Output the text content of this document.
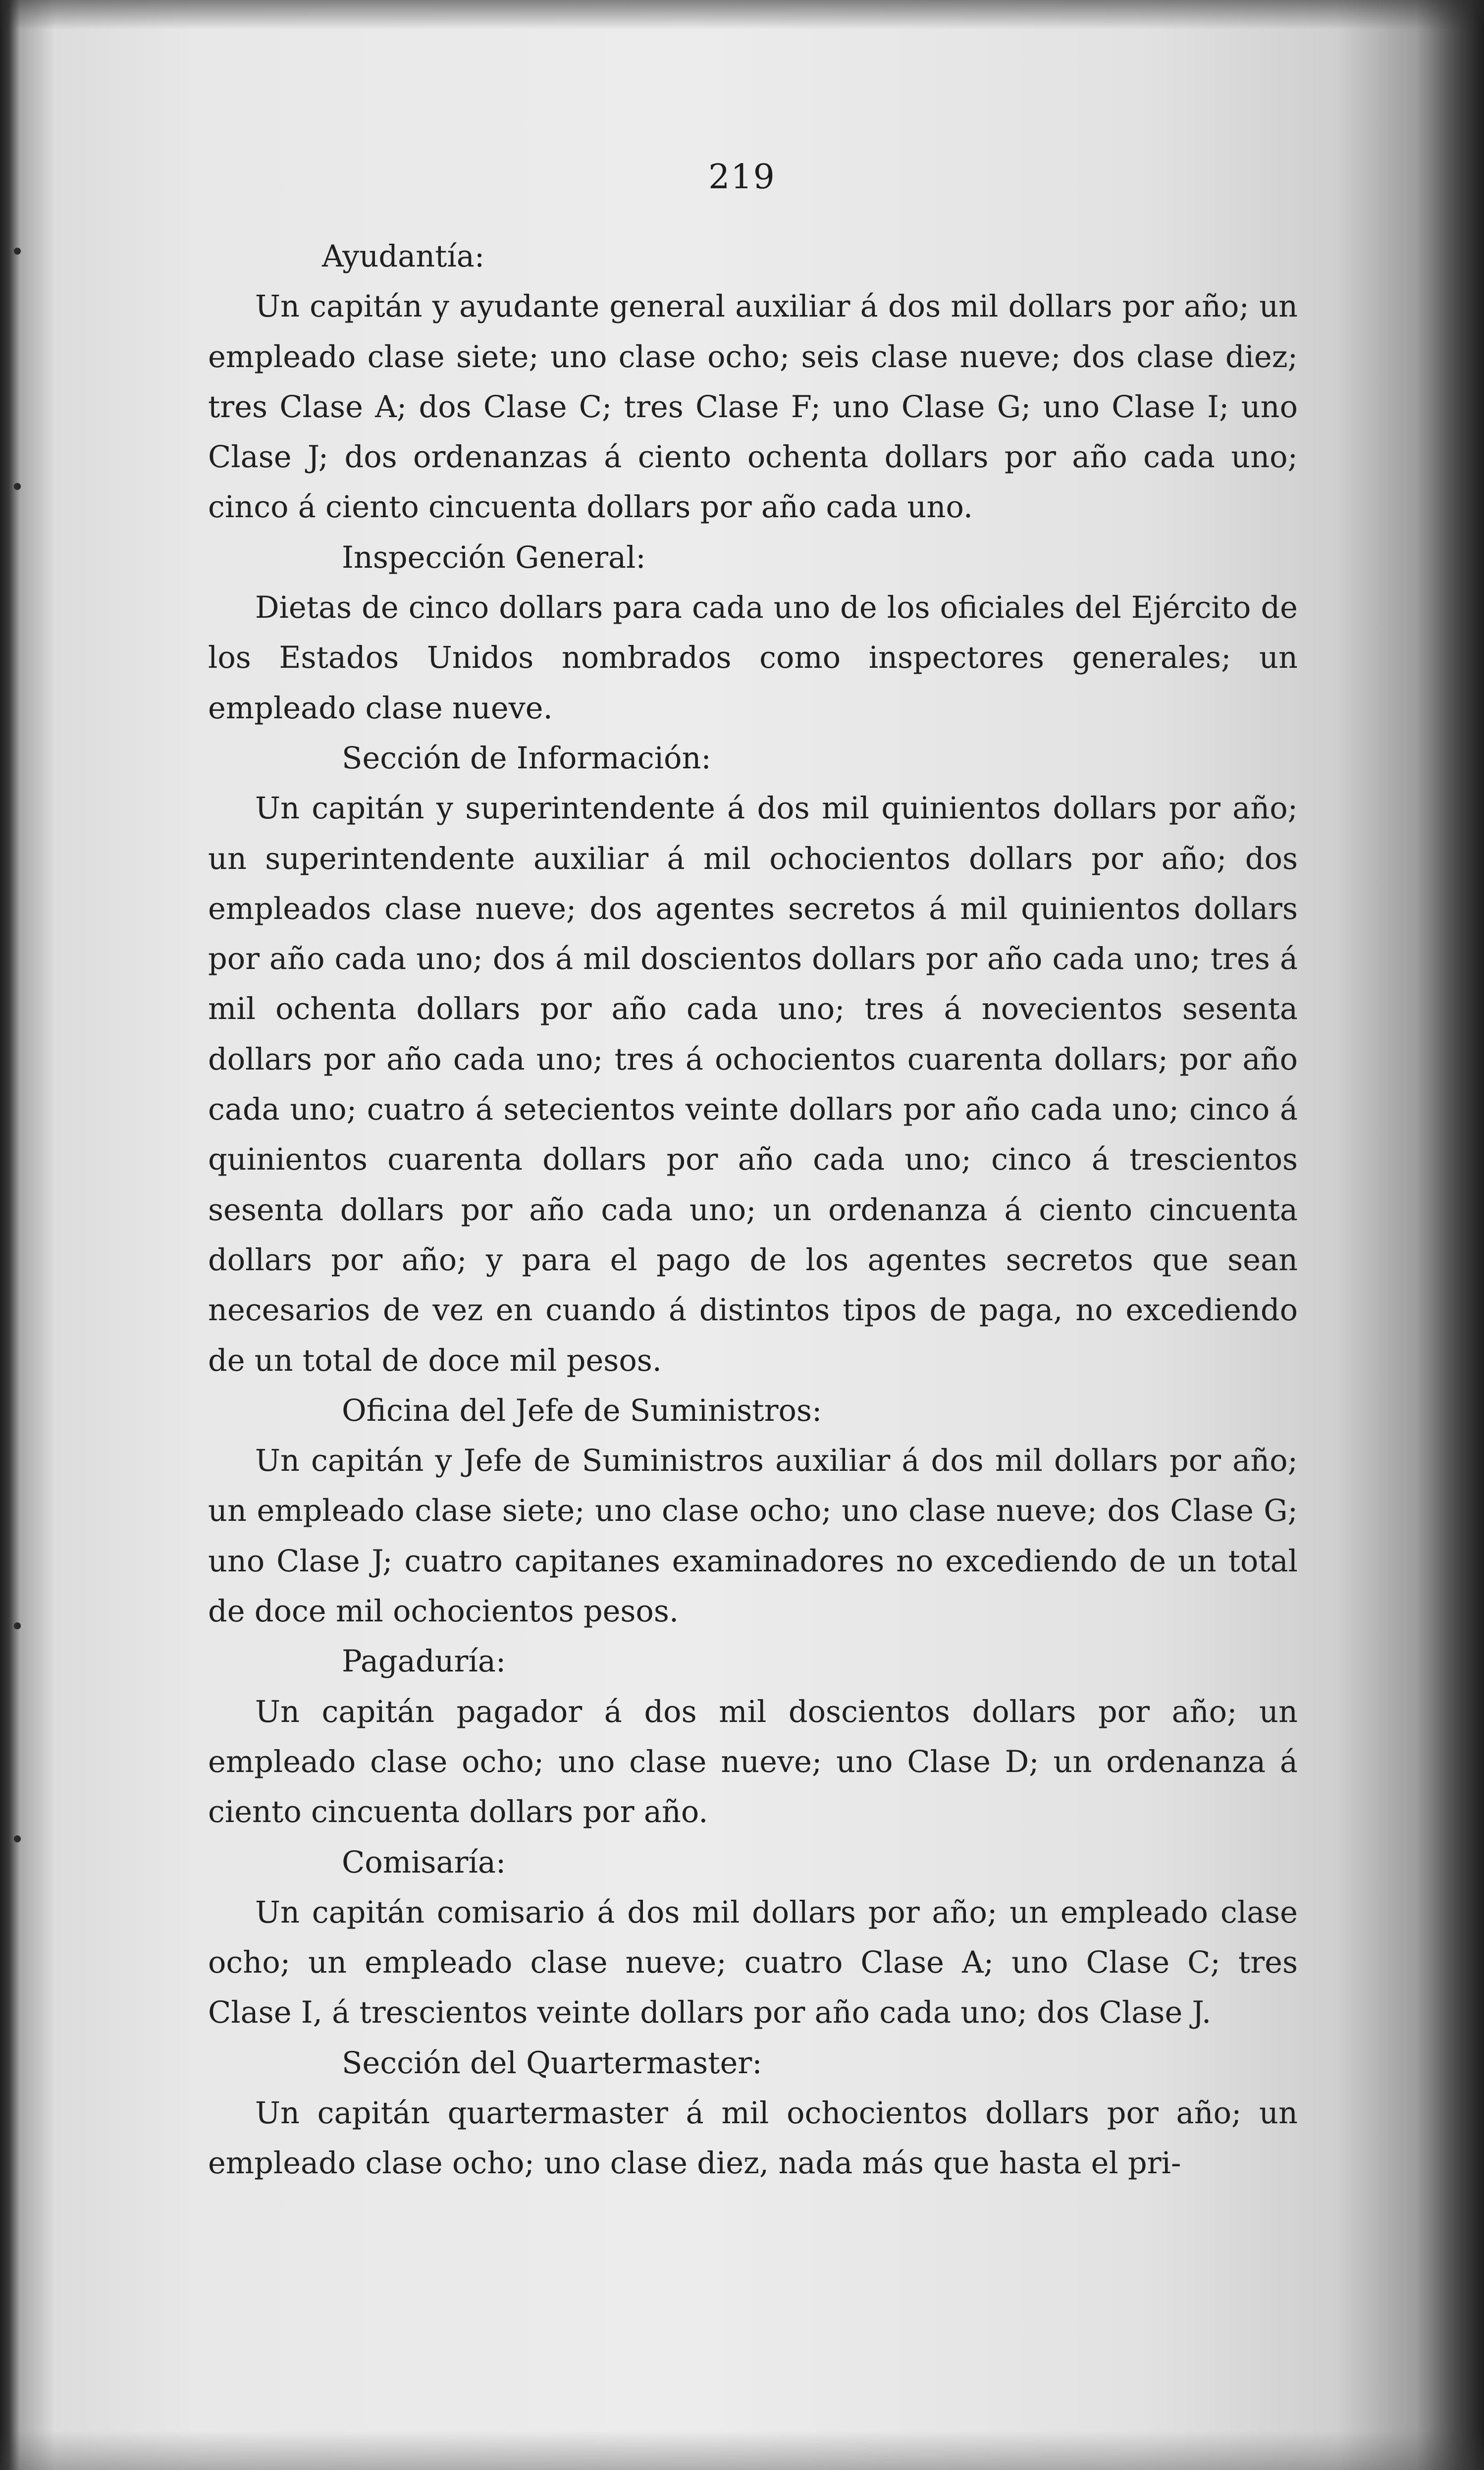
219

Ayudantía:

Un capitán y ayudante general auxiliar á dos mil dollars por año; un empleado clase siete; uno clase ocho; seis clase nueve; dos clase diez; tres Clase A; dos Clase C; tres Clase F; uno Clase G; uno Clase I; uno Clase J; dos ordenanzas á ciento ochenta dollars por año cada uno; cinco á ciento cincuenta dollars por año cada uno.

Inspección General:

Dietas de cinco dollars para cada uno de los oficiales del Ejército de los Estados Unidos nombrados como inspectores generales; un empleado clase nueve.

Sección de Información:

Un capitán y superintendente á dos mil quinientos dollars por año; un superintendente auxiliar á mil ochocientos dollars por año; dos empleados clase nueve; dos agentes secretos á mil quinientos dollars por año cada uno; dos á mil doscientos dollars por año cada uno; tres á mil ochenta dollars por año cada uno; tres á novecientos sesenta dollars por año cada uno; tres á ochocientos cuarenta dollars; por año cada uno; cuatro á setecientos veinte dollars por año cada uno; cinco á quinientos cuarenta dollars por año cada uno; cinco á trescientos sesenta dollars por año cada uno; un ordenanza á ciento cincuenta dollars por año; y para el pago de los agentes secretos que sean necesarios de vez en cuando á distintos tipos de paga, no excediendo de un total de doce mil pesos.

Oficina del Jefe de Suministros:

Un capitán y Jefe de Suministros auxiliar á dos mil dollars por año; un empleado clase siete; uno clase ocho; uno clase nueve; dos Clase G; uno Clase J; cuatro capitanes examinadores no excediendo de un total de doce mil ochocientos pesos.

Pagaduría:

Un capitán pagador á dos mil doscientos dollars por año; un empleado clase ocho; uno clase nueve; uno Clase D; un ordenanza á ciento cincuenta dollars por año.

Comisaría:

Un capitán comisario á dos mil dollars por año; un empleado clase ocho; un empleado clase nueve; cuatro Clase A; uno Clase C; tres Clase I, á trescientos veinte dollars por año cada uno; dos Clase J.

Sección del Quartermaster:

Un capitán quartermaster á mil ochocientos dollars por año; un empleado clase ocho; uno clase diez, nada más que hasta el pri-
